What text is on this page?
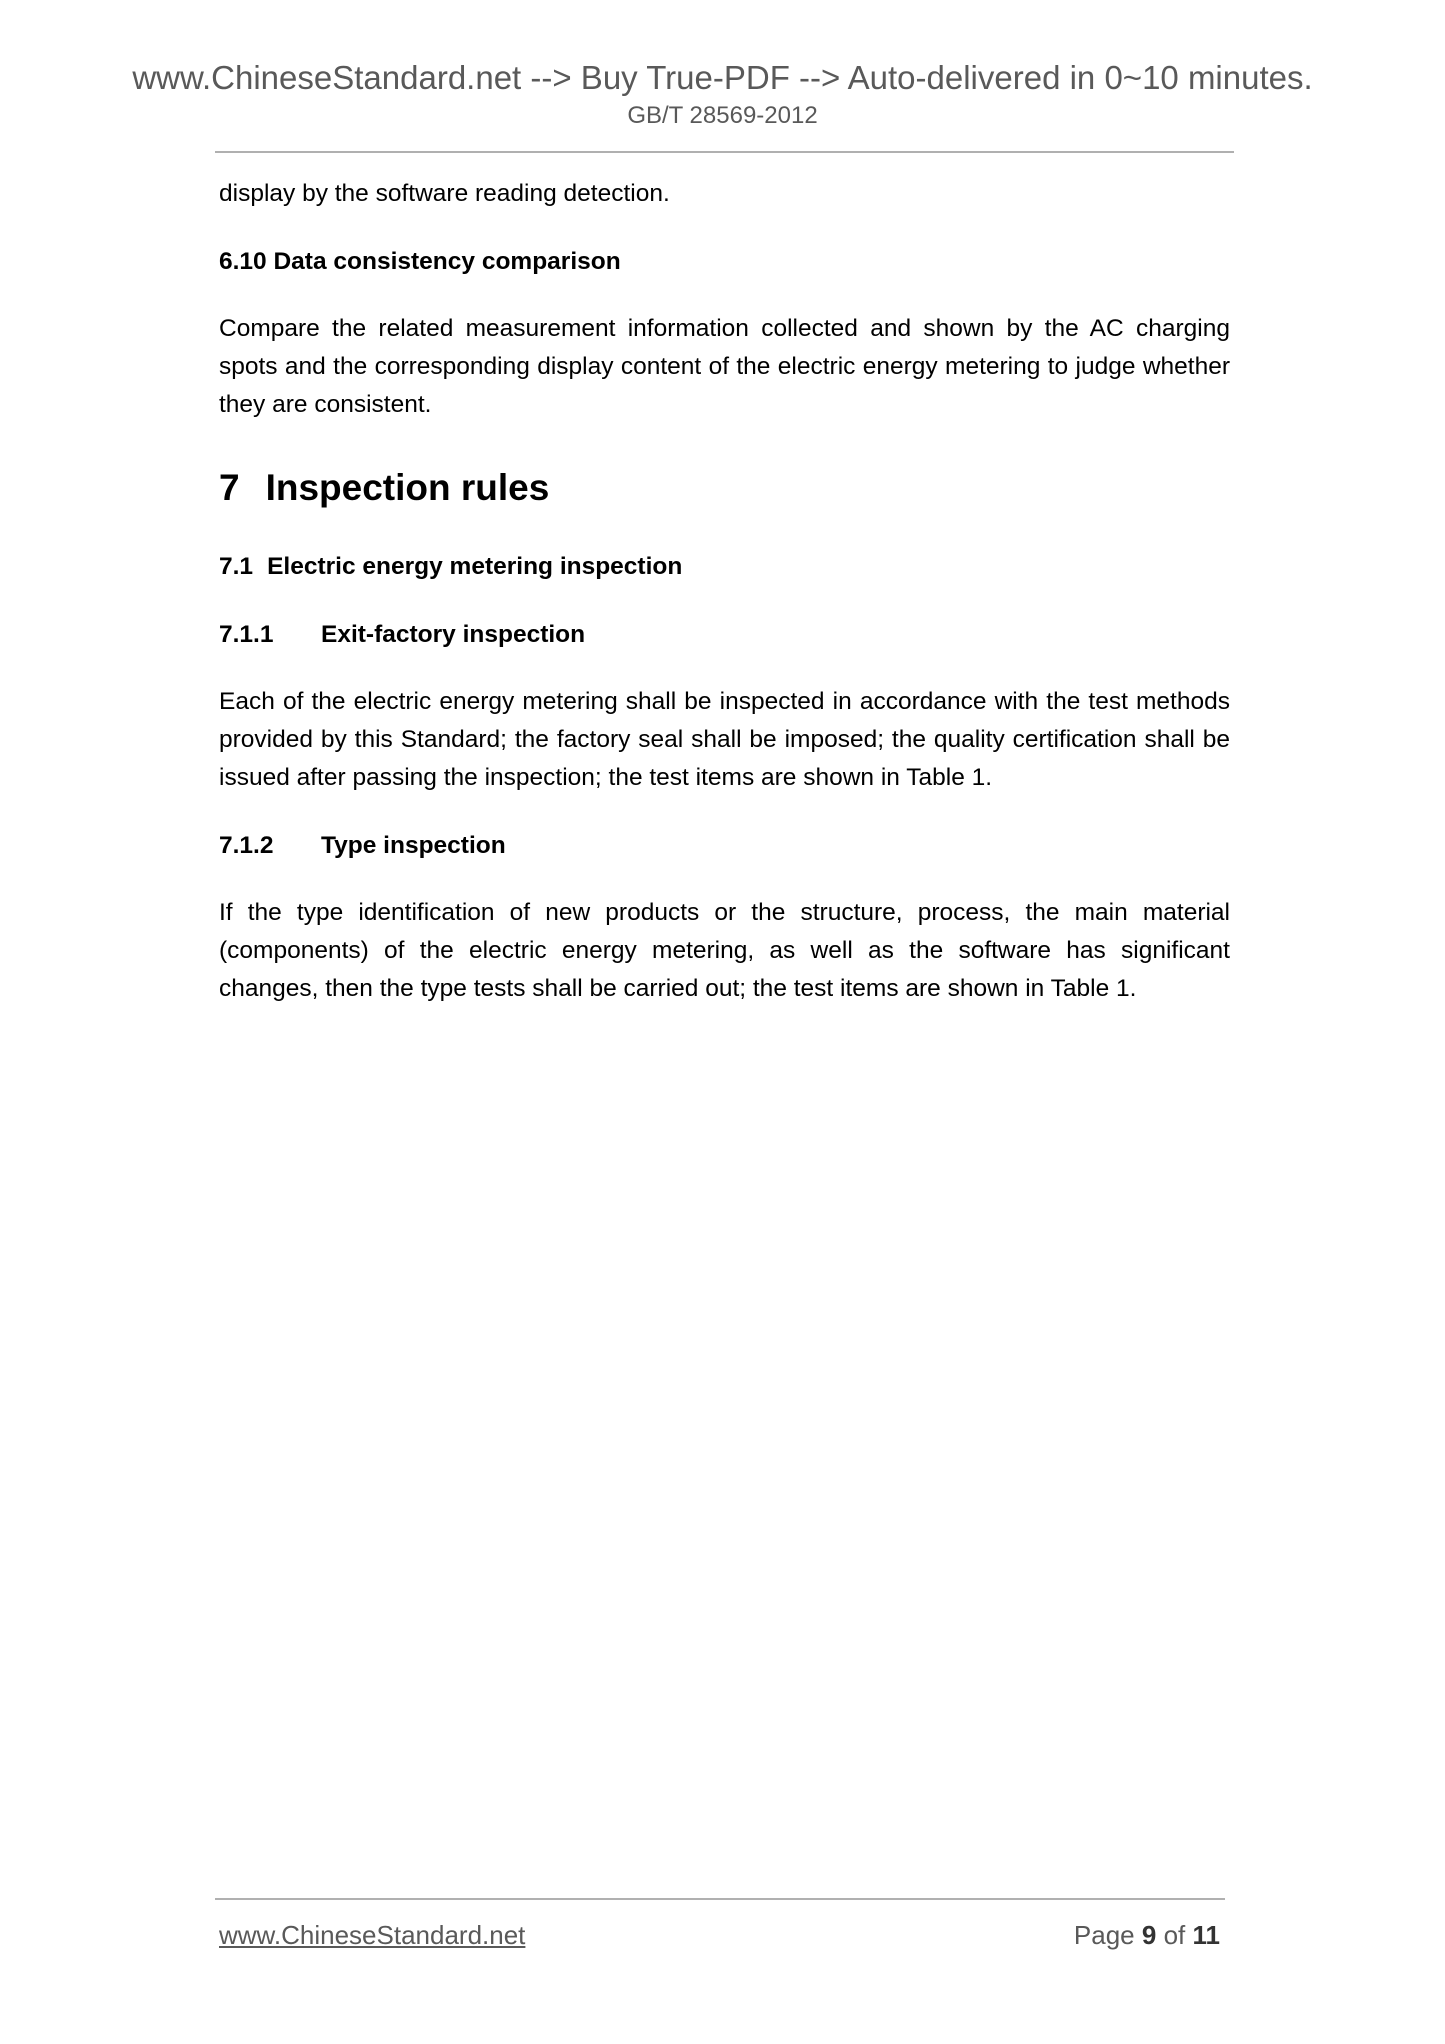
www.ChineseStandard.net --> Buy True-PDF --> Auto-delivered in 0~10 minutes.
GB/T 28569-2012

display by the software reading detection.

6.10 Data consistency comparison

Compare the related measurement information collected and shown by the AC charging spots and the corresponding display content of the electric energy metering to judge whether they are consistent.

7 Inspection rules

7.1 Electric energy metering inspection

7.1.1 Exit-factory inspection

Each of the electric energy metering shall be inspected in accordance with the test methods provided by this Standard; the factory seal shall be imposed; the quality certification shall be issued after passing the inspection; the test items are shown in Table 1.

7.1.2 Type inspection

If the type identification of new products or the structure, process, the main material (components) of the electric energy metering, as well as the software has significant changes, then the type tests shall be carried out; the test items are shown in Table 1.

www.ChineseStandard.net	Page 9 of 11
